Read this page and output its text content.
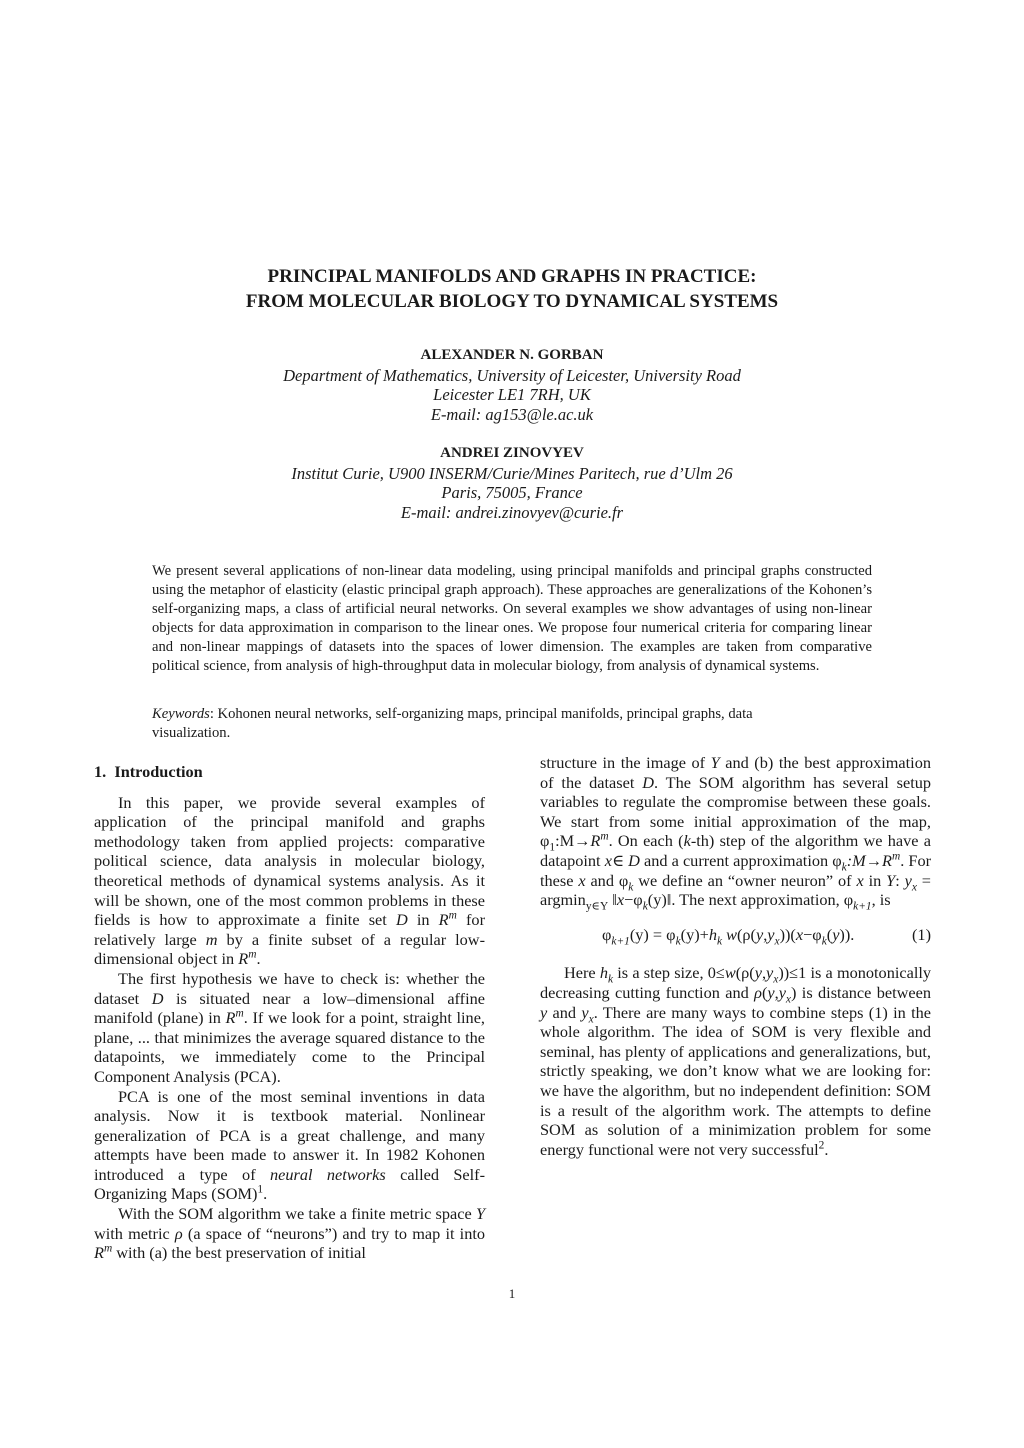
PRINCIPAL MANIFOLDS AND GRAPHS IN PRACTICE:
FROM MOLECULAR BIOLOGY TO DYNAMICAL SYSTEMS
ALEXANDER N. GORBAN
Department of Mathematics, University of Leicester, University Road
Leicester LE1 7RH, UK
E-mail: ag153@le.ac.uk
ANDREI ZINOVYEV
Institut Curie, U900 INSERM/Curie/Mines Paritech, rue d’Ulm 26
Paris, 75005, France
E-mail: andrei.zinovyev@curie.fr
We present several applications of non-linear data modeling, using principal manifolds and principal graphs constructed using the metaphor of elasticity (elastic principal graph approach). These approaches are generalizations of the Kohonen’s self-organizing maps, a class of artificial neural networks. On several examples we show advantages of using non-linear objects for data approximation in comparison to the linear ones. We propose four numerical criteria for comparing linear and non-linear mappings of datasets into the spaces of lower dimension. The examples are taken from comparative political science, from analysis of high-throughput data in molecular biology, from analysis of dynamical systems.
Keywords: Kohonen neural networks, self-organizing maps, principal manifolds, principal graphs, data visualization.

1.  Introduction

In this paper, we provide several examples of application of the principal manifold and graphs methodology taken from applied projects: comparative political science, data analysis in molecular biology, theoretical methods of dynamical systems analysis. As it will be shown, one of the most common problems in these fields is how to approximate a finite set D in $R^m$ for relatively large m by a finite subset of a regular low-dimensional object in $R^m$.

The first hypothesis we have to check is: whether the dataset D is situated near a low–dimensional affine manifold (plane) in $R^m$. If we look for a point, straight line, plane, ... that minimizes the average squared distance to the datapoints, we immediately come to the Principal Component Analysis (PCA).

PCA is one of the most seminal inventions in data analysis. Now it is textbook material. Nonlinear generalization of PCA is a great challenge, and many attempts have been made to answer it. In 1982 Kohonen introduced a type of neural networks called Self-Organizing Maps (SOM)$^1$.

With the SOM algorithm we take a finite metric space Y with metric ρ (a space of “neurons”) and try to map it into $R^m$ with (a) the best preservation of initial

structure in the image of Y and (b) the best approximation of the dataset D. The SOM algorithm has several setup variables to regulate the compromise between these goals. We start from some initial approximation of the map, $\varphi_1:M\to R^m$. On each (k-th) step of the algorithm we have a datapoint x∈ D and a current approximation $\varphi_k:M\to R^m$. For these x and $\varphi_k$ we define an “owner neuron” of x in Y: $y_x = argmin_{y\in Y}$ $‖x-\varphi_k(y)‖$. The next approximation, $\varphi_{k+1}$, is

$\varphi_{k+1}(y) = \varphi_k(y)+h_k$ $w(\rho(y,y_x))(x-\varphi_k(y))$.	(1)

Here $h_k$ is a step size, $0\le w(\rho(y,y_x))\le 1$ is a monotonically decreasing cutting function and $\rho(y,y_x)$ is distance between y and $y_x$. There are many ways to combine steps (1) in the whole algorithm. The idea of SOM is very flexible and seminal, has plenty of applications and generalizations, but, strictly speaking, we don’t know what we are looking for: we have the algorithm, but no independent definition: SOM is a result of the algorithm work. The attempts to define SOM as solution of a minimization problem for some energy functional were not very successful$^2$.

1
